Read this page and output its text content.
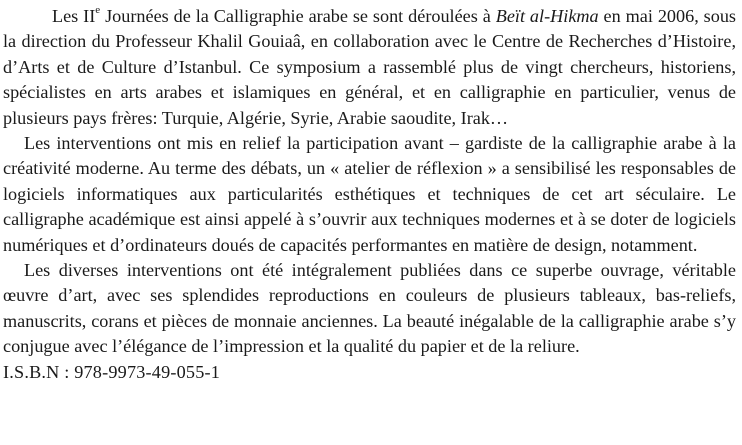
Les IIe Journées de la Calligraphie arabe se sont déroulées à Beït al-Hikma en mai 2006, sous la direction du Professeur Khalil Gouiaâ, en collaboration avec le Centre de Recherches d’Histoire, d’Arts et de Culture d’Istanbul. Ce symposium a rassemblé plus de vingt chercheurs, historiens, spécialistes en arts arabes et islamiques en général, et en calligraphie en particulier, venus de plusieurs pays frères: Turquie, Algérie, Syrie, Arabie saoudite, Irak…

Les interventions ont mis en relief la participation avant – gardiste de la calligraphie arabe à la créativité moderne. Au terme des débats, un « atelier de réflexion » a sensibilisé les responsables de logiciels informatiques aux particularités esthétiques et techniques de cet art séculaire. Le calligraphe académique est ainsi appelé à s’ouvrir aux techniques modernes et à se doter de logiciels numériques et d’ordinateurs doués de capacités performantes en matière de design, notamment.

Les diverses interventions ont été intégralement publiées dans ce superbe ouvrage, véritable œuvre d’art, avec ses splendides reproductions en couleurs de plusieurs tableaux, bas-reliefs, manuscrits, corans et pièces de monnaie anciennes. La beauté inégalable de la calligraphie arabe s’y conjugue avec l’élégance de l’impression et la qualité du papier et de la reliure.

I.S.B.N : 978-9973-49-055-1
